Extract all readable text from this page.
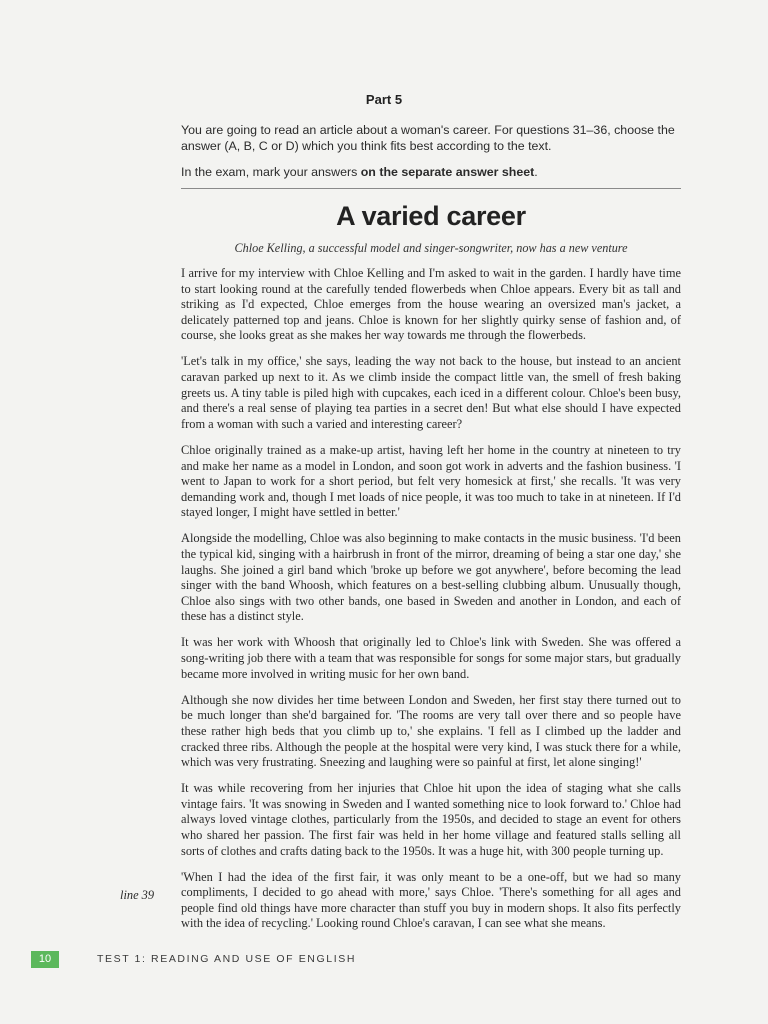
Part 5

You are going to read an article about a woman's career. For questions 31–36, choose the answer (A, B, C or D) which you think fits best according to the text.

In the exam, mark your answers on the separate answer sheet.

A varied career
Chloe Kelling, a successful model and singer-songwriter, now has a new venture

I arrive for my interview with Chloe Kelling and I'm asked to wait in the garden. I hardly have time to start looking round at the carefully tended flowerbeds when Chloe appears. Every bit as tall and striking as I'd expected, Chloe emerges from the house wearing an oversized man's jacket, a delicately patterned top and jeans. Chloe is known for her slightly quirky sense of fashion and, of course, she looks great as she makes her way towards me through the flowerbeds.

'Let's talk in my office,' she says, leading the way not back to the house, but instead to an ancient caravan parked up next to it. As we climb inside the compact little van, the smell of fresh baking greets us. A tiny table is piled high with cupcakes, each iced in a different colour. Chloe's been busy, and there's a real sense of playing tea parties in a secret den! But what else should I have expected from a woman with such a varied and interesting career?

Chloe originally trained as a make-up artist, having left her home in the country at nineteen to try and make her name as a model in London, and soon got work in adverts and the fashion business. 'I went to Japan to work for a short period, but felt very homesick at first,' she recalls. 'It was very demanding work and, though I met loads of nice people, it was too much to take in at nineteen. If I'd stayed longer, I might have settled in better.'

Alongside the modelling, Chloe was also beginning to make contacts in the music business. 'I'd been the typical kid, singing with a hairbrush in front of the mirror, dreaming of being a star one day,' she laughs. She joined a girl band which 'broke up before we got anywhere', before becoming the lead singer with the band Whoosh, which features on a best-selling clubbing album. Unusually though, Chloe also sings with two other bands, one based in Sweden and another in London, and each of these has a distinct style.

It was her work with Whoosh that originally led to Chloe's link with Sweden. She was offered a song-writing job there with a team that was responsible for songs for some major stars, but gradually became more involved in writing music for her own band.

Although she now divides her time between London and Sweden, her first stay there turned out to be much longer than she'd bargained for. 'The rooms are very tall over there and so people have these rather high beds that you climb up to,' she explains. 'I fell as I climbed up the ladder and cracked three ribs. Although the people at the hospital were very kind, I was stuck there for a while, which was very frustrating. Sneezing and laughing were so painful at first, let alone singing!'

It was while recovering from her injuries that Chloe hit upon the idea of staging what she calls vintage fairs. 'It was snowing in Sweden and I wanted something nice to look forward to.' Chloe had always loved vintage clothes, particularly from the 1950s, and decided to stage an event for others who shared her passion. The first fair was held in her home village and featured stalls selling all sorts of clothes and crafts dating back to the 1950s. It was a huge hit, with 300 people turning up.

'When I had the idea of the first fair, it was only meant to be a one-off, but we had so many compliments, I decided to go ahead with more,' says Chloe. 'There's something for all ages and people find old things have more character than stuff you buy in modern shops. It also fits perfectly with the idea of recycling.' Looking round Chloe's caravan, I can see what she means.

line 39
10	TEST 1: READING AND USE OF ENGLISH
